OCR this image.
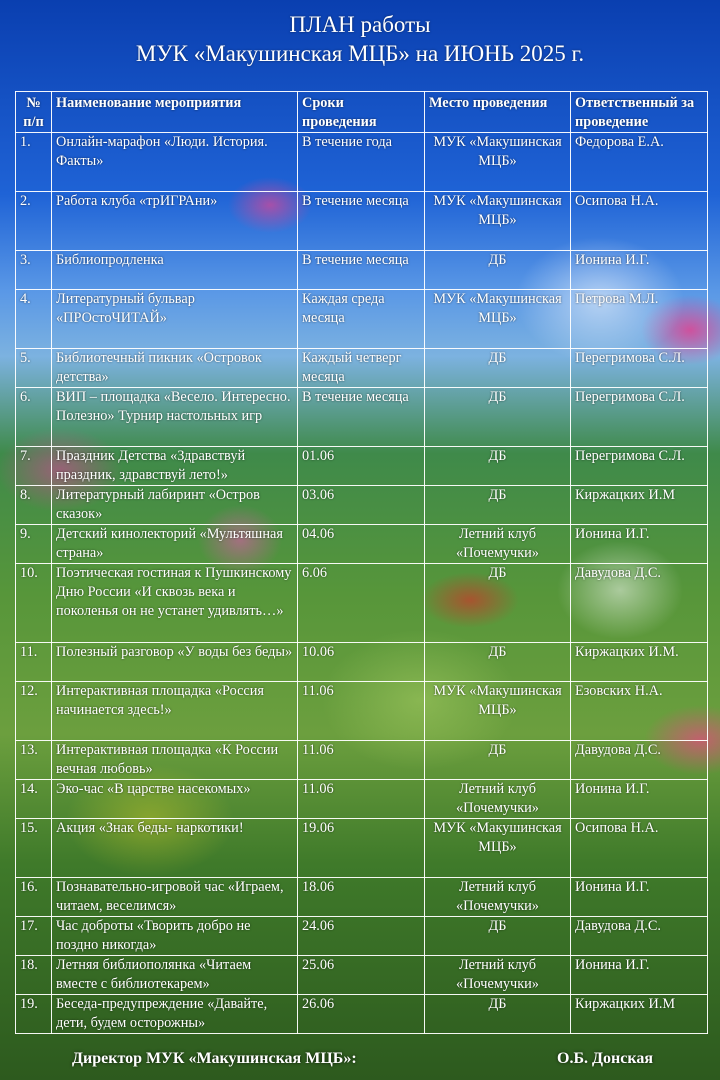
ПЛАН работы
МУК «Макушинская МЦБ» на ИЮНЬ 2025 г.
№ п/п	Наименование мероприятия	Сроки проведения	Место проведения	Ответственный за проведение
1.	Онлайн-марафон «Люди. История. Факты»	В течение года	МУК «Макушинская МЦБ»	Федорова Е.А.
2.	Работа клуба «трИГРАни»	В течение месяца	МУК «Макушинская МЦБ»	Осипова Н.А.
3.	Библиопродленка	В течение месяца	ДБ	Ионина И.Г.
4.	Литературный бульвар «ПРОстоЧИТАЙ»	Каждая среда месяца	МУК «Макушинская МЦБ»	Петрова М.Л.
5.	Библиотечный пикник «Островок детства»	Каждый четверг месяца	ДБ	Перегримова С.Л.
6.	ВИП – площадка «Весело. Интересно. Полезно» Турнир настольных игр	В течение месяца	ДБ	Перегримова С.Л.
7.	Праздник Детства «Здравствуй праздник, здравствуй лето!»	01.06	ДБ	Перегримова С.Л.
8.	Литературный лабиринт «Остров сказок»	03.06	ДБ	Киржацких И.М
9.	Детский кинолекторий «Мультяшная страна»	04.06	Летний клуб «Почемучки»	Ионина И.Г.
10.	Поэтическая гостиная к Пушкинскому Дню России «И сквозь века и поколенья он не устанет удивлять…»	6.06	ДБ	Давудова Д.С.
11.	Полезный разговор «У воды без беды»	10.06	ДБ	Киржацких И.М.
12.	Интерактивная площадка «Россия начинается здесь!»	11.06	МУК «Макушинская МЦБ»	Езовских Н.А.
13.	Интерактивная площадка «К России вечная любовь»	11.06	ДБ	Давудова Д.С.
14.	Эко-час «В царстве насекомых»	11.06	Летний клуб «Почемучки»	Ионина И.Г.
15.	Акция «Знак беды- наркотики!	19.06	МУК «Макушинская МЦБ»	Осипова Н.А.
16.	Познавательно-игровой час «Играем, читаем, веселимся»	18.06	Летний клуб «Почемучки»	Ионина И.Г.
17.	Час доброты «Творить добро не поздно никогда»	24.06	ДБ	Давудова Д.С.
18.	Летняя библиополянка «Читаем вместе с библиотекарем»	25.06	Летний клуб «Почемучки»	Ионина И.Г.
19.	Беседа-предупреждение «Давайте, дети, будем осторожны»	26.06	ДБ	Киржацких И.М
Директор МУК «Макушинская МЦБ»:	О.Б. Донская
